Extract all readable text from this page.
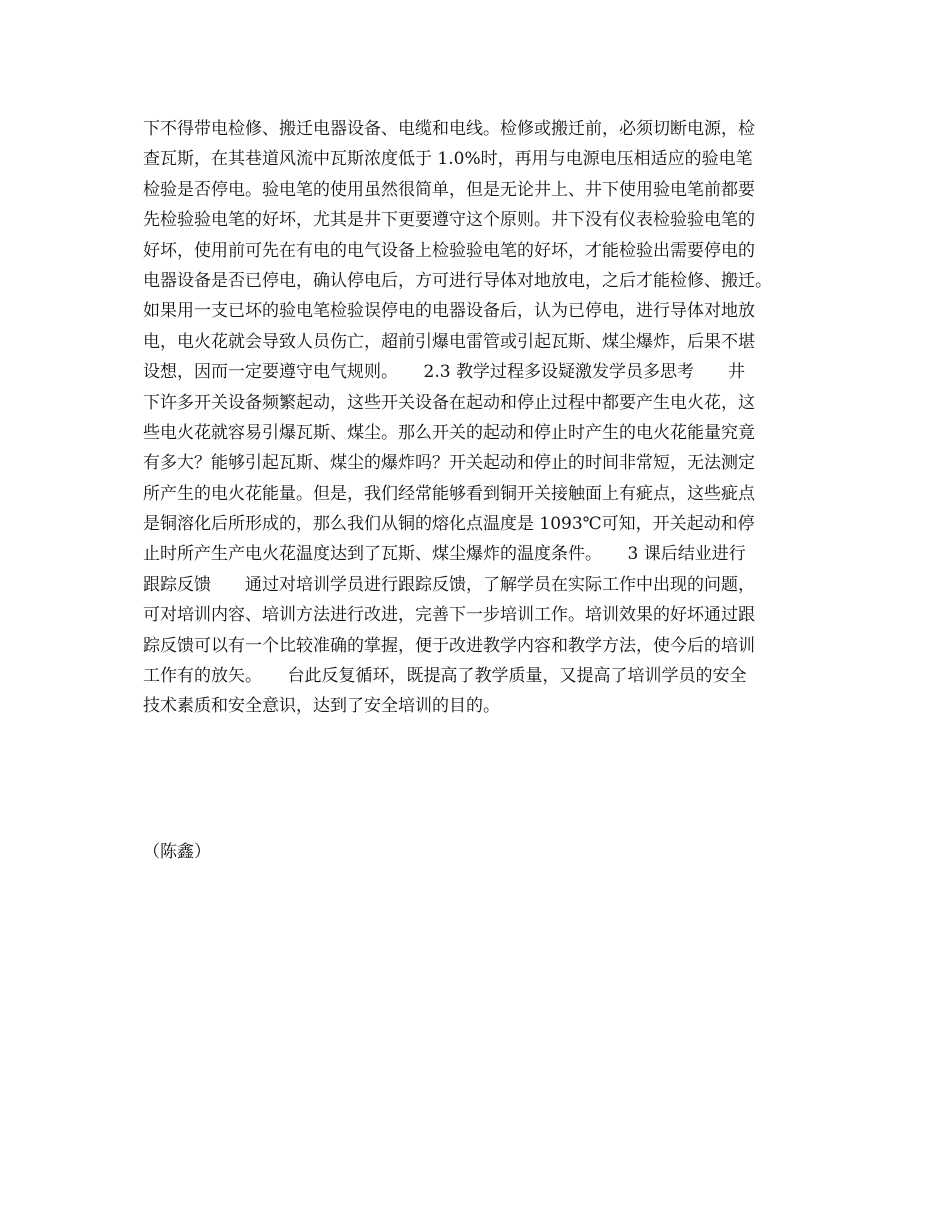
下不得带电检修、搬迁电器设备、电缆和电线。检修或搬迁前，必须切断电源，检
查瓦斯，在其巷道风流中瓦斯浓度低于 1.0%时，再用与电源电压相适应的验电笔
检验是否停电。验电笔的使用虽然很简单，但是无论井上、井下使用验电笔前都要
先检验验电笔的好坏，尤其是井下更要遵守这个原则。井下没有仪表检验验电笔的
好坏，使用前可先在有电的电气设备上检验验电笔的好坏，才能检验出需要停电的
电器设备是否已停电，确认停电后，方可进行导体对地放电，之后才能检修、搬迁。
如果用一支已坏的验电笔检验误停电的电器设备后，认为已停电，进行导体对地放
电，电火花就会导致人员伤亡，超前引爆电雷管或引起瓦斯、煤尘爆炸，后果不堪
设想，因而一定要遵守电气规则。　　2.3 教学过程多设疑激发学员多思考　　井
下许多开关设备频繁起动，这些开关设备在起动和停止过程中都要产生电火花，这
些电火花就容易引爆瓦斯、煤尘。那么开关的起动和停止时产生的电火花能量究竟
有多大？能够引起瓦斯、煤尘的爆炸吗？开关起动和停止的时间非常短，无法测定
所产生的电火花能量。但是，我们经常能够看到铜开关接触面上有疵点，这些疵点
是铜溶化后所形成的，那么我们从铜的熔化点温度是 1093℃可知，开关起动和停
止时所产生产电火花温度达到了瓦斯、煤尘爆炸的温度条件。　　3 课后结业进行
跟踪反馈　　通过对培训学员进行跟踪反馈，了解学员在实际工作中出现的问题，
可对培训内容、培训方法进行改进，完善下一步培训工作。培训效果的好坏通过跟
踪反馈可以有一个比较准确的掌握，便于改进教学内容和教学方法，使今后的培训
工作有的放矢。　　台此反复循环，既提高了教学质量，又提高了培训学员的安全
技术素质和安全意识，达到了安全培训的目的。
（陈鑫）
